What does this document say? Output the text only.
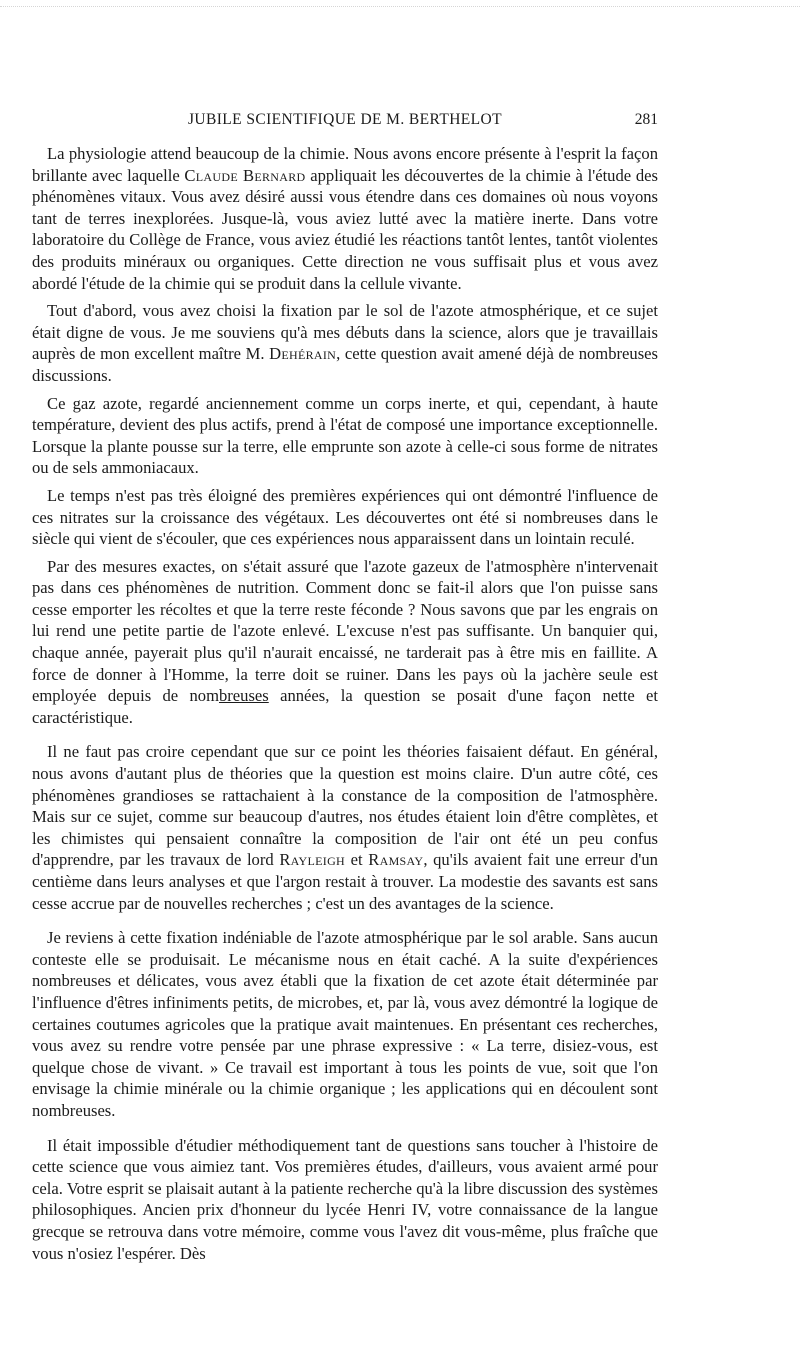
JUBILE SCIENTIFIQUE DE M. BERTHELOT	281

La physiologie attend beaucoup de la chimie. Nous avons encore présente à l'esprit la façon brillante avec laquelle Claude Bernard appliquait les découvertes de la chimie à l'étude des phénomènes vitaux. Vous avez désiré aussi vous étendre dans ces domaines où nous voyons tant de terres inexplorées. Jusque-là, vous aviez lutté avec la matière inerte. Dans votre laboratoire du Collège de France, vous aviez étudié les réactions tantôt lentes, tantôt violentes des produits minéraux ou organiques. Cette direction ne vous suffisait plus et vous avez abordé l'étude de la chimie qui se produit dans la cellule vivante.

Tout d'abord, vous avez choisi la fixation par le sol de l'azote atmosphérique, et ce sujet était digne de vous. Je me souviens qu'à mes débuts dans la science, alors que je travaillais auprès de mon excellent maître M. Dehérain, cette question avait amené déjà de nombreuses discussions.

Ce gaz azote, regardé anciennement comme un corps inerte, et qui, cependant, à haute température, devient des plus actifs, prend à l'état de composé une importance exceptionnelle. Lorsque la plante pousse sur la terre, elle emprunte son azote à celle-ci sous forme de nitrates ou de sels ammoniacaux.

Le temps n'est pas très éloigné des premières expériences qui ont démontré l'influence de ces nitrates sur la croissance des végétaux. Les découvertes ont été si nombreuses dans le siècle qui vient de s'écouler, que ces expériences nous apparaissent dans un lointain reculé.

Par des mesures exactes, on s'était assuré que l'azote gazeux de l'atmosphère n'intervenait pas dans ces phénomènes de nutrition. Comment donc se fait-il alors que l'on puisse sans cesse emporter les récoltes et que la terre reste féconde ? Nous savons que par les engrais on lui rend une petite partie de l'azote enlevé. L'excuse n'est pas suffisante. Un banquier qui, chaque année, payerait plus qu'il n'aurait encaissé, ne tarderait pas à être mis en faillite. A force de donner à l'Homme, la terre doit se ruiner. Dans les pays où la jachère seule est employée depuis de nombreuses années, la question se posait d'une façon nette et caractéristique.

Il ne faut pas croire cependant que sur ce point les théories faisaient défaut. En général, nous avons d'autant plus de théories que la question est moins claire. D'un autre côté, ces phénomènes grandioses se rattachaient à la constance de la composition de l'atmosphère. Mais sur ce sujet, comme sur beaucoup d'autres, nos études étaient loin d'être complètes, et les chimistes qui pensaient connaître la composition de l'air ont été un peu confus d'apprendre, par les travaux de lord Rayleigh et Ramsay, qu'ils avaient fait une erreur d'un centième dans leurs analyses et que l'argon restait à trouver. La modestie des savants est sans cesse accrue par de nouvelles recherches ; c'est un des avantages de la science.

Je reviens à cette fixation indéniable de l'azote atmosphérique par le sol arable. Sans aucun conteste elle se produisait. Le mécanisme nous en était caché. A la suite d'expériences nombreuses et délicates, vous avez établi que la fixation de cet azote était déterminée par l'influence d'êtres infiniments petits, de microbes, et, par là, vous avez démontré la logique de certaines coutumes agricoles que la pratique avait maintenues. En présentant ces recherches, vous avez su rendre votre pensée par une phrase expressive : « La terre, disiez-vous, est quelque chose de vivant. » Ce travail est important à tous les points de vue, soit que l'on envisage la chimie minérale ou la chimie organique ; les applications qui en découlent sont nombreuses.

Il était impossible d'étudier méthodiquement tant de questions sans toucher à l'histoire de cette science que vous aimiez tant. Vos premières études, d'ailleurs, vous avaient armé pour cela. Votre esprit se plaisait autant à la patiente recherche qu'à la libre discussion des systèmes philosophiques. Ancien prix d'honneur du lycée Henri IV, votre connaissance de la langue grecque se retrouva dans votre mémoire, comme vous l'avez dit vous-même, plus fraîche que vous n'osiez l'espérer. Dès
